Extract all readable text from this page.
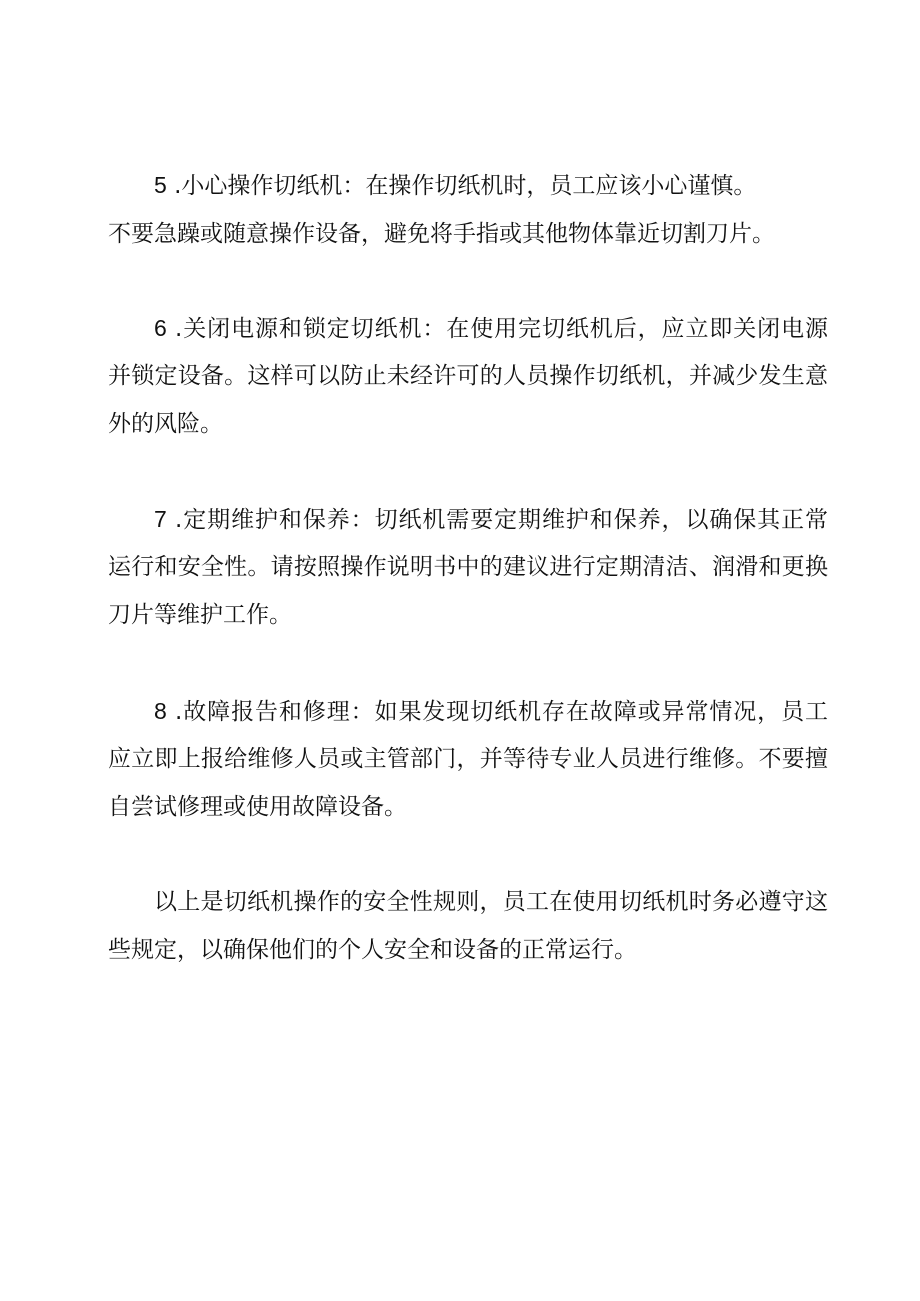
5 .小心操作切纸机：在操作切纸机时，员工应该小心谨慎。
不要急躁或随意操作设备，避免将手指或其他物体靠近切割刀片。
6 .关闭电源和锁定切纸机：在使用完切纸机后，应立即关闭电源
并锁定设备。这样可以防止未经许可的人员操作切纸机，并减少发生意
外的风险。
7 .定期维护和保养：切纸机需要定期维护和保养，以确保其正常
运行和安全性。请按照操作说明书中的建议进行定期清洁、润滑和更换
刀片等维护工作。
8 .故障报告和修理：如果发现切纸机存在故障或异常情况，员工
应立即上报给维修人员或主管部门，并等待专业人员进行维修。不要擅
自尝试修理或使用故障设备。
以上是切纸机操作的安全性规则，员工在使用切纸机时务必遵守这
些规定，以确保他们的个人安全和设备的正常运行。
